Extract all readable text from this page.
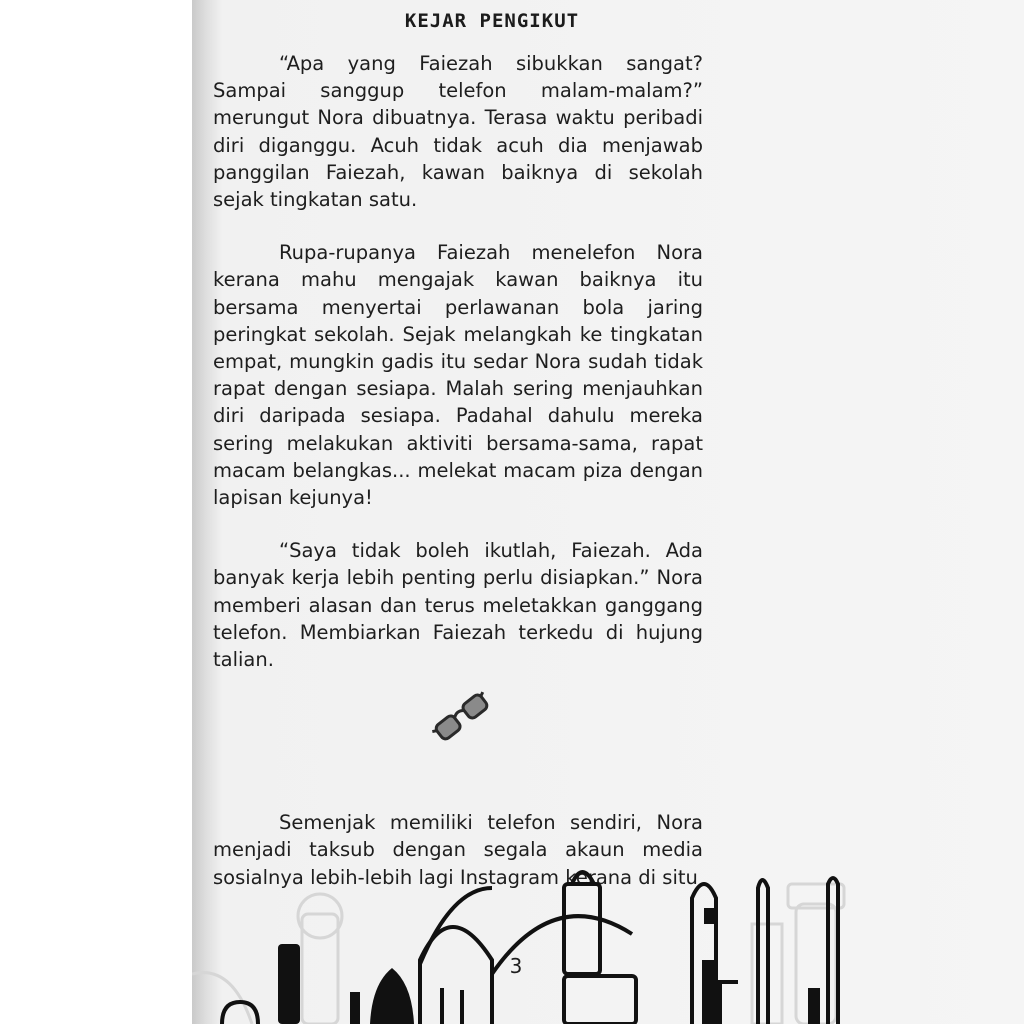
KEJAR PENGIKUT

“Apa yang Faiezah sibukkan sangat? Sampai sanggup telefon malam-malam?” merungut Nora dibuatnya. Terasa waktu peribadi diri diganggu. Acuh tidak acuh dia menjawab panggilan Faiezah, kawan baiknya di sekolah sejak tingkatan satu.

Rupa-rupanya Faiezah menelefon Nora kerana mahu mengajak kawan baiknya itu bersama menyertai perlawanan bola jaring peringkat sekolah. Sejak melangkah ke tingkatan empat, mungkin gadis itu sedar Nora sudah tidak rapat dengan sesiapa. Malah sering menjauhkan diri daripada sesiapa. Padahal dahulu mereka sering melakukan aktiviti bersama-sama, rapat macam belangkas... melekat macam piza dengan lapisan kejunya!

“Saya tidak boleh ikutlah, Faiezah. Ada banyak kerja lebih penting perlu disiapkan.” Nora memberi alasan dan terus meletakkan ganggang telefon. Membiarkan Faiezah terkedu di hujung talian.

Semenjak memiliki telefon sendiri, Nora menjadi taksub dengan segala akaun media sosialnya lebih-lebih lagi Instagram kerana di situ

3
